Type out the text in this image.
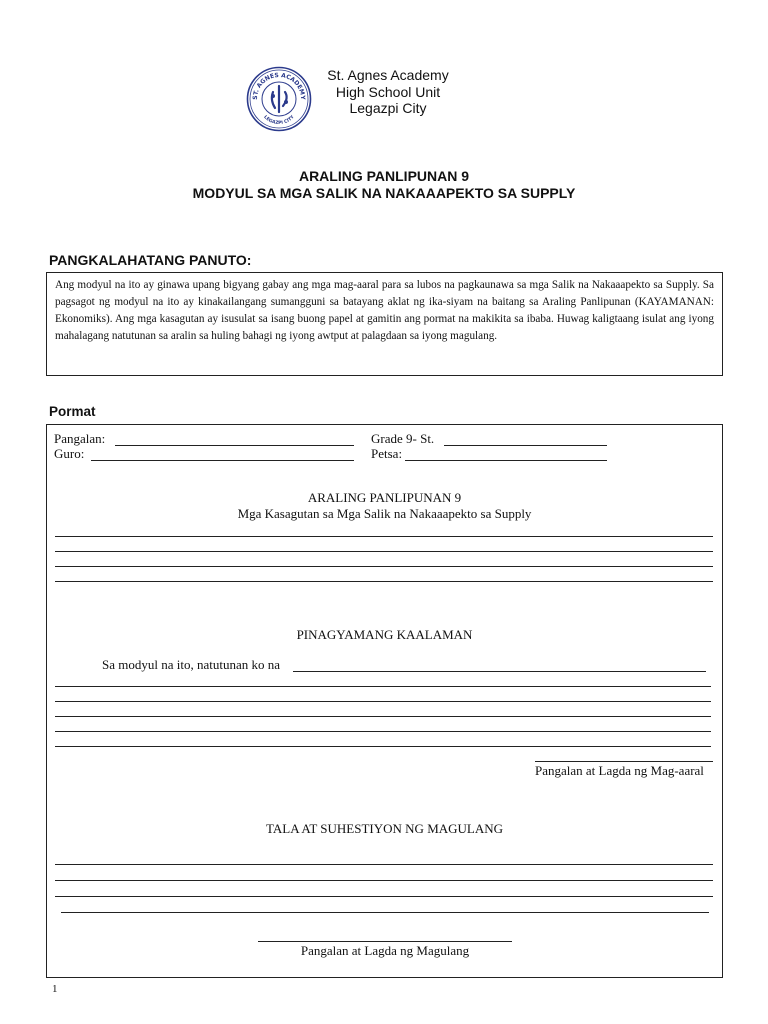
ST. AGNES ACADEMY
LEGAZPI CITY
St. Agnes Academy
High School Unit
Legazpi City
ARALING PANLIPUNAN 9
MODYUL SA MGA SALIK NA NAKAAAPEKTO SA SUPPLY
PANGKALAHATANG PANUTO:
Ang modyul na ito ay ginawa upang bigyang gabay ang mga mag-aaral para sa lubos na pagkaunawa sa mga Salik na Nakaaapekto sa Supply. Sa pagsagot ng modyul na ito ay kinakailangang sumangguni sa batayang aklat ng ika-siyam na baitang sa Araling Panlipunan (KAYAMANAN: Ekonomiks). Ang mga kasagutan ay isusulat sa isang buong papel at gamitin ang pormat na makikita sa ibaba. Huwag kaligtaang isulat ang iyong mahalagang natutunan sa aralin sa huling bahagi ng iyong awtput at palagdaan sa iyong magulang.
Pormat
Pangalan:	Grade 9- St.
Guro:	Petsa:
ARALING PANLIPUNAN 9
Mga Kasagutan sa Mga Salik na Nakaaapekto sa Supply
PINAGYAMANG KAALAMAN
Sa modyul na ito, natutunan ko na
Pangalan at Lagda ng Mag-aaral
TALA AT SUHESTIYON NG MAGULANG
Pangalan at Lagda ng Magulang
1
